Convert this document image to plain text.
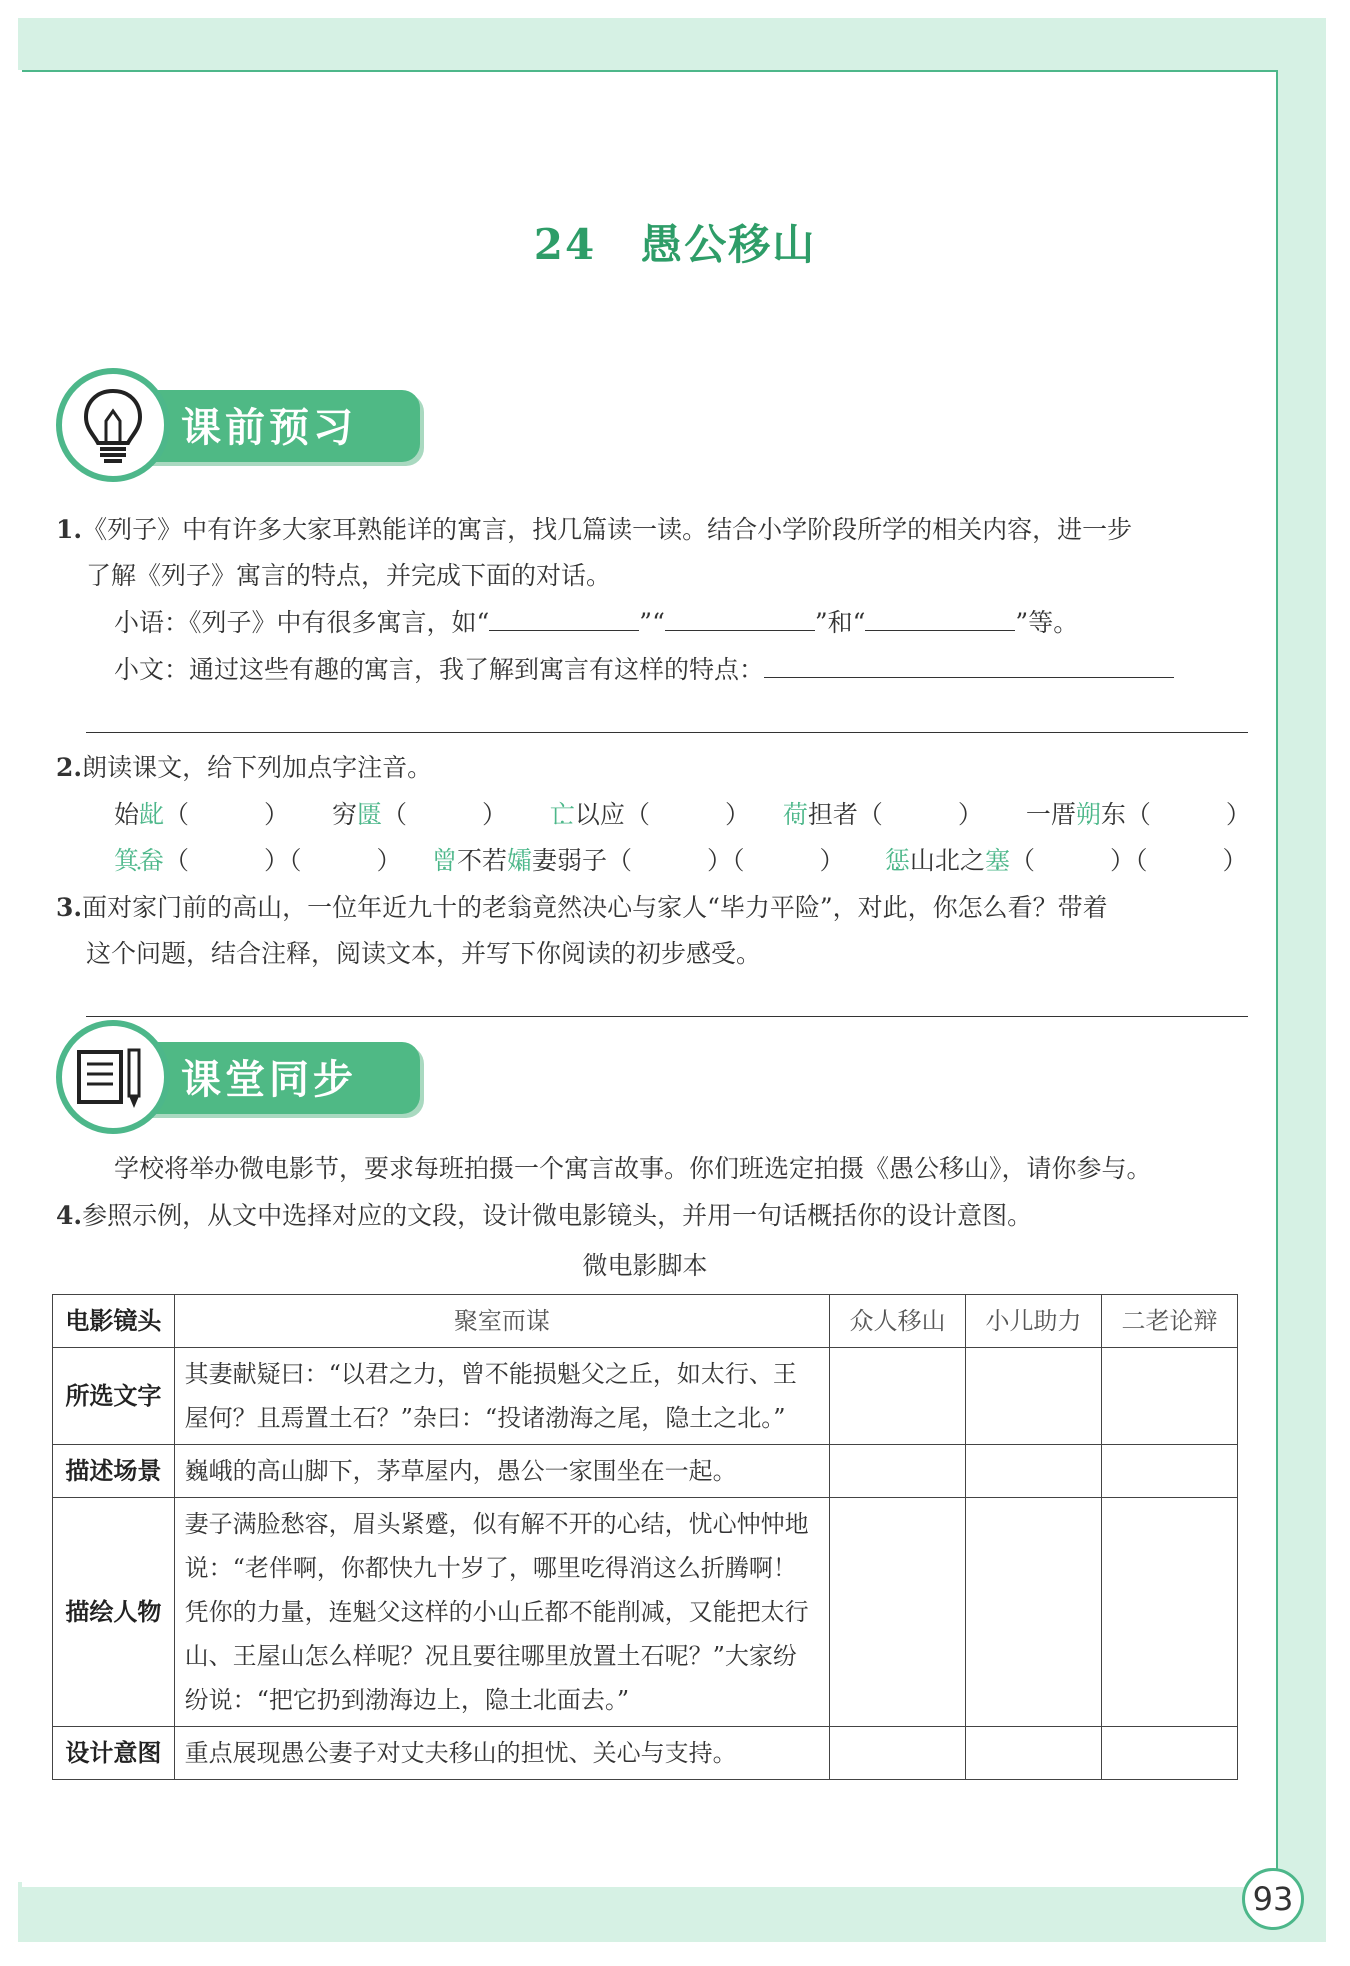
24　愚公移山
课前预习
1.《列子》中有许多大家耳熟能详的寓言，找几篇读一读。结合小学阶段所学的相关内容，进一步
了解《列子》寓言的特点，并完成下面的对话。
小语：《列子》中有很多寓言，如“	”“	”和“	”等。
小文：通过这些有趣的寓言，我了解到寓言有这样的特点：
2.朗读课文，给下列加点字注音。
始龀（　　　） 穷匮（　　　） 亡以应（　　　） 荷担者（　　　） 一厝朔东（　　　）
箕畚（　　　）（　　　） 曾不若孀妻弱子（　　　）（　　　） 惩山北之塞（　　　）（　　　）
3.面对家门前的高山，一位年近九十的老翁竟然决心与家人“毕力平险”，对此，你怎么看？带着
这个问题，结合注释，阅读文本，并写下你阅读的初步感受。
课堂同步
学校将举办微电影节，要求每班拍摄一个寓言故事。你们班选定拍摄《愚公移山》，请你参与。
4.参照示例，从文中选择对应的文段，设计微电影镜头，并用一句话概括你的设计意图。
微电影脚本
电影镜头	聚室而谋	众人移山	小儿助力	二老论辩
所选文字	其妻献疑曰：“以君之力，曾不能损魁父之丘，如太行、王屋何？且焉置土石？”杂曰：“投诸渤海之尾，隐土之北。”			
描述场景	巍峨的高山脚下，茅草屋内，愚公一家围坐在一起。			
描绘人物	妻子满脸愁容，眉头紧蹙，似有解不开的心结，忧心忡忡地说：“老伴啊，你都快九十岁了，哪里吃得消这么折腾啊！凭你的力量，连魁父这样的小山丘都不能削减，又能把太行山、王屋山怎么样呢？况且要往哪里放置土石呢？”大家纷纷说：“把它扔到渤海边上，隐土北面去。”			
设计意图	重点展现愚公妻子对丈夫移山的担忧、关心与支持。			
93
